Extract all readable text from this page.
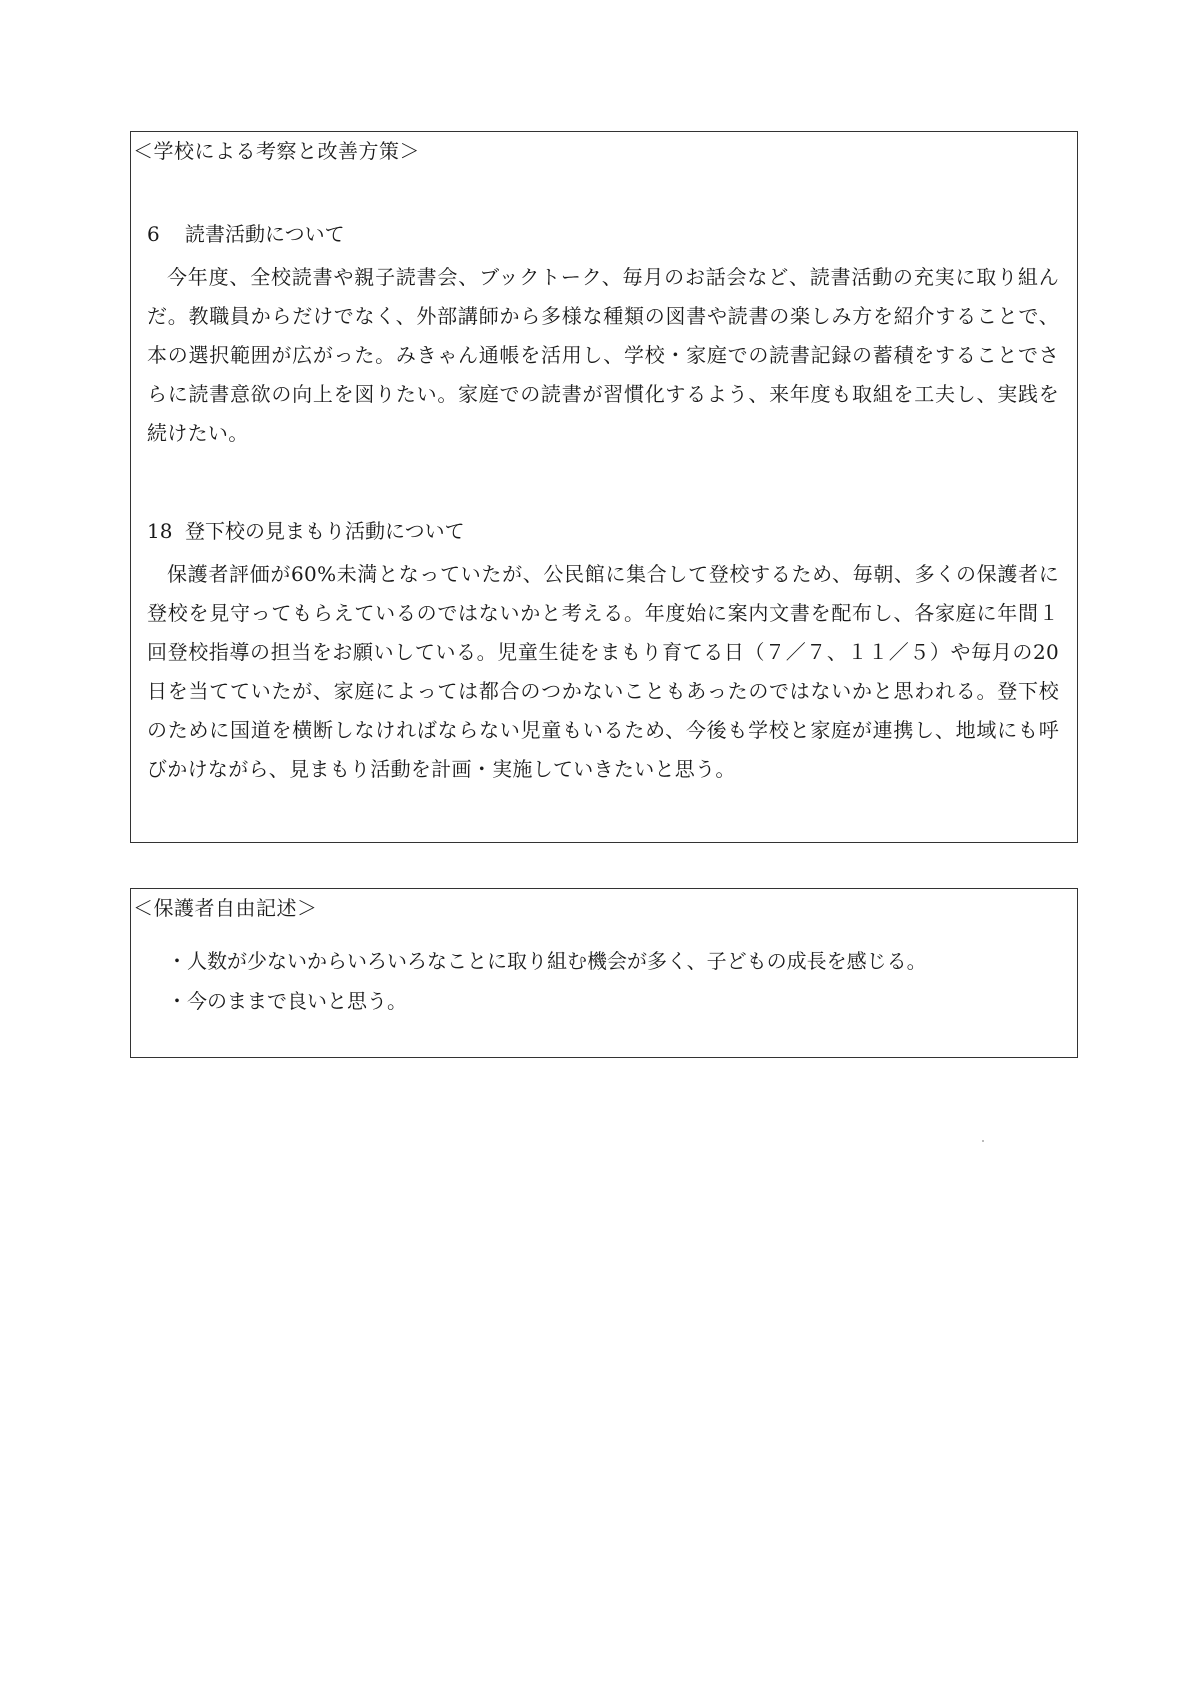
＜学校による考察と改善方策＞
6 読書活動について
今年度、全校読書や親子読書会、ブックトーク、毎月のお話会など、読書活動の充実に取り組んだ。教職員からだけでなく、外部講師から多様な種類の図書や読書の楽しみ方を紹介することで、本の選択範囲が広がった。みきゃん通帳を活用し、学校・家庭での読書記録の蓄積をすることでさらに読書意欲の向上を図りたい。家庭での読書が習慣化するよう、来年度も取組を工夫し、実践を続けたい。
18 登下校の見まもり活動について
保護者評価が60%未満となっていたが、公民館に集合して登校するため、毎朝、多くの保護者に登校を見守ってもらえているのではないかと考える。年度始に案内文書を配布し、各家庭に年間１回登校指導の担当をお願いしている。児童生徒をまもり育てる日（７／７、１１／５）や毎月の20日を当てていたが、家庭によっては都合のつかないこともあったのではないかと思われる。登下校のために国道を横断しなければならない児童もいるため、今後も学校と家庭が連携し、地域にも呼びかけながら、見まもり活動を計画・実施していきたいと思う。
＜保護者自由記述＞
・人数が少ないからいろいろなことに取り組む機会が多く、子どもの成長を感じる。
・今のままで良いと思う。
